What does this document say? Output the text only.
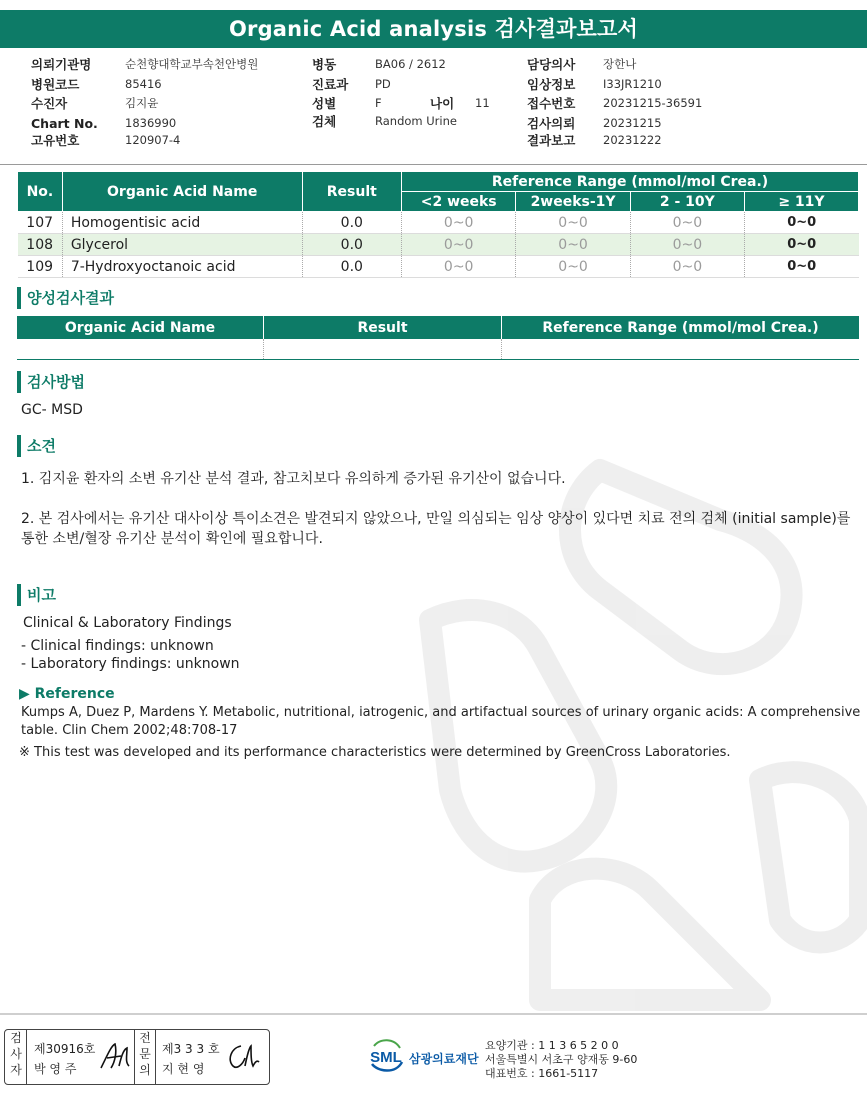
Organic Acid analysis 검사결과보고서
의뢰기관명	순천향대학교부속천안병원
병원코드	85416
수진자	김지윤
Chart No. 1836990
고유번호	120907-4
병동	BA06 / 2612
진료과 PD
성별	F	나이 11
검체	Random Urine
담당의사 장한나
임상정보 I33JR1210
접수번호 20231215-36591
검사의뢰 20231215
결과보고 20231222
No.	Organic Acid Name	Result	Reference Range (mmol/mol Crea.)			
			<2 weeks	2weeks-1Y	2 - 10Y	≥ 11Y
107	Homogentisic acid	0.0	0~0	0~0	0~0	0~0
108	Glycerol	0.0	0~0	0~0	0~0	0~0
109	7-Hydroxyoctanoic acid	0.0	0~0	0~0	0~0	0~0
양성검사결과
Organic Acid Name	Result	Reference Range (mmol/mol Crea.)

검사방법
GC- MSD
소견
1. 김지윤 환자의 소변 유기산 분석 결과, 참고치보다 유의하게 증가된 유기산이 없습니다.
2. 본 검사에서는 유기산 대사이상 특이소견은 발견되지 않았으나, 만일 의심되는 임상 양상이 있다면 치료 전의 검체 (initial sample)를
통한 소변/혈장 유기산 분석이 확인에 필요합니다.
비고
Clinical & Laboratory Findings
- Clinical findings: unknown
- Laboratory findings: unknown
▶ Reference
Kumps A, Duez P, Mardens Y. Metabolic, nutritional, iatrogenic, and artifactual sources of urinary organic acids: A comprehensive
table. Clin Chem 2002;48:708-17
※ This test was developed and its performance characteristics were determined by GreenCross Laboratories.
검사자
제30916호
박 영 주
전문의
제3 3 3 호
지 현 영
SML 삼광의료재단
요양기관 : 1 1 3 6 5 2 0 0
서울특별시 서초구 양재동 9-60
대표번호 : 1661-5117
